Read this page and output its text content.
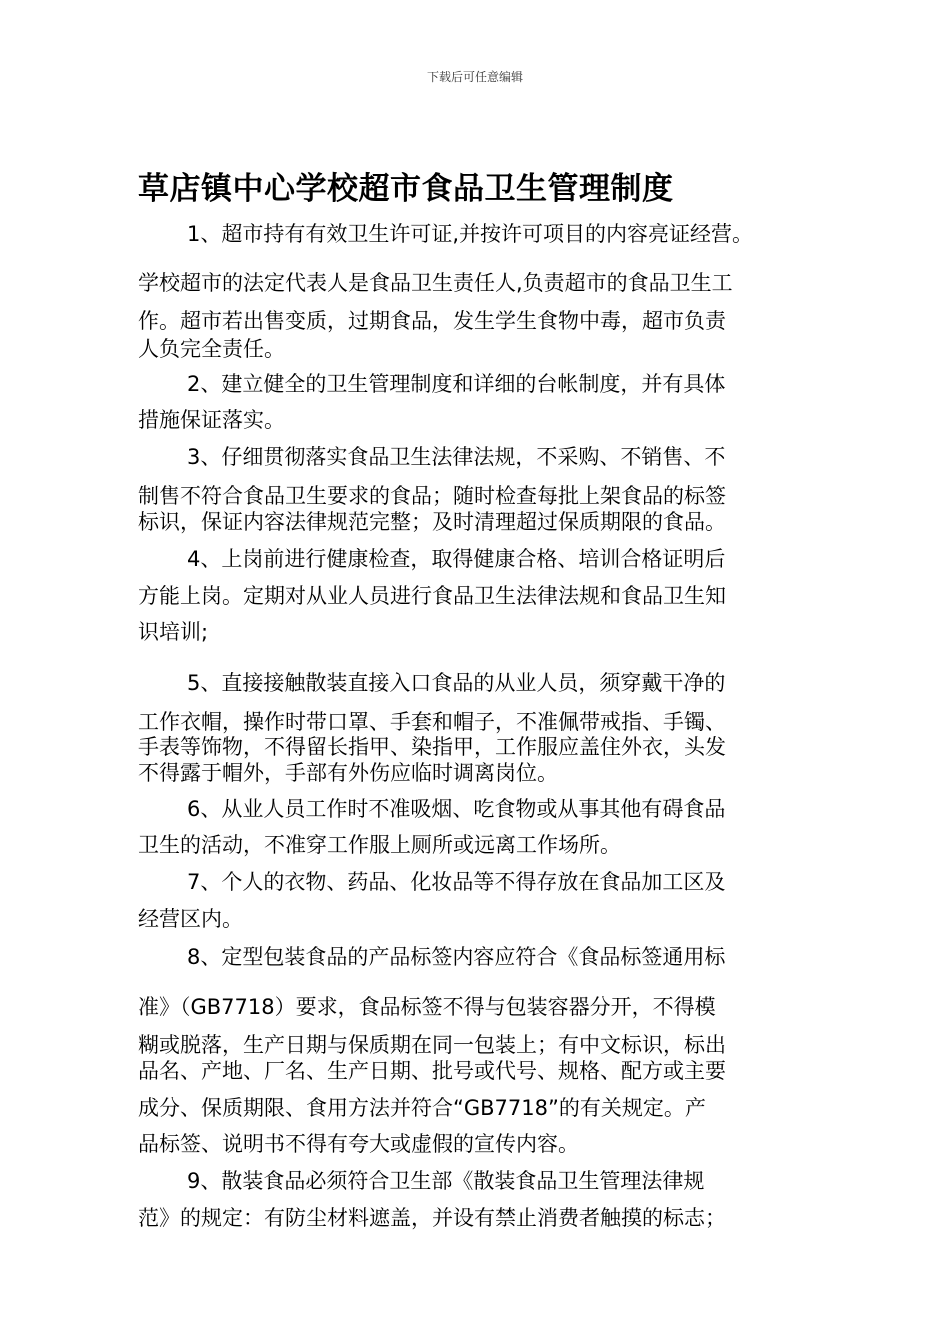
下载后可任意编辑
草店镇中心学校超市食品卫生管理制度
1、超市持有有效卫生许可证,并按许可项目的内容亮证经营。
学校超市的法定代表人是食品卫生责任人,负责超市的食品卫生工
作。超市若出售变质，过期食品，发生学生食物中毒，超市负责
人负完全责任。
2、建立健全的卫生管理制度和详细的台帐制度，并有具体
措施保证落实。
3、仔细贯彻落实食品卫生法律法规，不采购、不销售、不
制售不符合食品卫生要求的食品；随时检查每批上架食品的标签
标识，保证内容法律规范完整；及时清理超过保质期限的食品。
4、上岗前进行健康检查，取得健康合格、培训合格证明后
方能上岗。定期对从业人员进行食品卫生法律法规和食品卫生知
识培训;
5、直接接触散装直接入口食品的从业人员，须穿戴干净的
工作衣帽，操作时带口罩、手套和帽子，不准佩带戒指、手镯、
手表等饰物，不得留长指甲、染指甲，工作服应盖住外衣，头发
不得露于帽外，手部有外伤应临时调离岗位。
6、从业人员工作时不准吸烟、吃食物或从事其他有碍食品
卫生的活动，不准穿工作服上厕所或远离工作场所。
7、个人的衣物、药品、化妆品等不得存放在食品加工区及
经营区内。
8、定型包装食品的产品标签内容应符合《食品标签通用标
准》（GB7718）要求，食品标签不得与包装容器分开，不得模
糊或脱落，生产日期与保质期在同一包装上；有中文标识，标出
品名、产地、厂名、生产日期、批号或代号、规格、配方或主要
成分、保质期限、食用方法并符合“GB7718”的有关规定。产
品标签、说明书不得有夸大或虚假的宣传内容。
9、散装食品必须符合卫生部《散装食品卫生管理法律规
范》的规定：有防尘材料遮盖，并设有禁止消费者触摸的标志；
